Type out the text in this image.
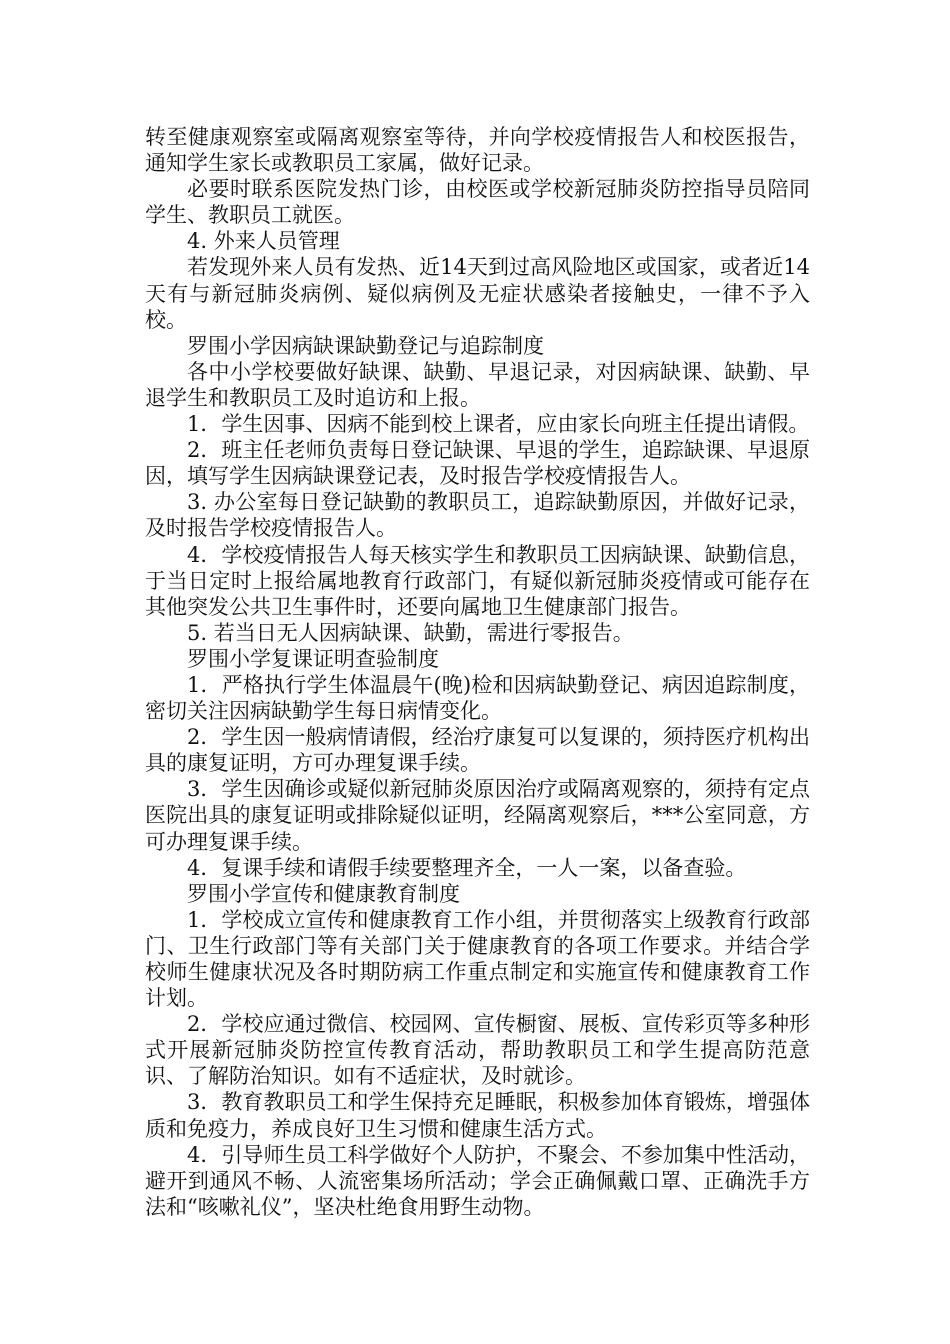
转至健康观察室或隔离观察室等待，并向学校疫情报告人和校医报告，通知学生家长或教职员工家属，做好记录。

必要时联系医院发热门诊，由校医或学校新冠肺炎防控指导员陪同学生、教职员工就医。

4. 外来人员管理

若发现外来人员有发热、近14天到过高风险地区或国家，或者近14天有与新冠肺炎病例、疑似病例及无症状感染者接触史，一律不予入校。

罗围小学因病缺课缺勤登记与追踪制度

各中小学校要做好缺课、缺勤、早退记录，对因病缺课、缺勤、早退学生和教职员工及时追访和上报。

1．学生因事、因病不能到校上课者，应由家长向班主任提出请假。

2．班主任老师负责每日登记缺课、早退的学生，追踪缺课、早退原因，填写学生因病缺课登记表，及时报告学校疫情报告人。

3. 办公室每日登记缺勤的教职员工，追踪缺勤原因，并做好记录，及时报告学校疫情报告人。

4．学校疫情报告人每天核实学生和教职员工因病缺课、缺勤信息，于当日定时上报给属地教育行政部门，有疑似新冠肺炎疫情或可能存在其他突发公共卫生事件时，还要向属地卫生健康部门报告。

5. 若当日无人因病缺课、缺勤，需进行零报告。

罗围小学复课证明查验制度

1．严格执行学生体温晨午(晚)检和因病缺勤登记、病因追踪制度，密切关注因病缺勤学生每日病情变化。

2．学生因一般病情请假，经治疗康复可以复课的，须持医疗机构出具的康复证明，方可办理复课手续。

3．学生因确诊或疑似新冠肺炎原因治疗或隔离观察的，须持有定点医院出具的康复证明或排除疑似证明，经隔离观察后，***公室同意，方可办理复课手续。

4．复课手续和请假手续要整理齐全，一人一案，以备查验。

罗围小学宣传和健康教育制度

1．学校成立宣传和健康教育工作小组，并贯彻落实上级教育行政部门、卫生行政部门等有关部门关于健康教育的各项工作要求。并结合学校师生健康状况及各时期防病工作重点制定和实施宣传和健康教育工作计划。

2．学校应通过微信、校园网、宣传橱窗、展板、宣传彩页等多种形式开展新冠肺炎防控宣传教育活动，帮助教职员工和学生提高防范意识、了解防治知识。如有不适症状，及时就诊。

3．教育教职员工和学生保持充足睡眠，积极参加体育锻炼，增强体质和免疫力，养成良好卫生习惯和健康生活方式。

4．引导师生员工科学做好个人防护，不聚会、不参加集中性活动，避开到通风不畅、人流密集场所活动；学会正确佩戴口罩、正确洗手方法和“咳嗽礼仪”，坚决杜绝食用野生动物。
